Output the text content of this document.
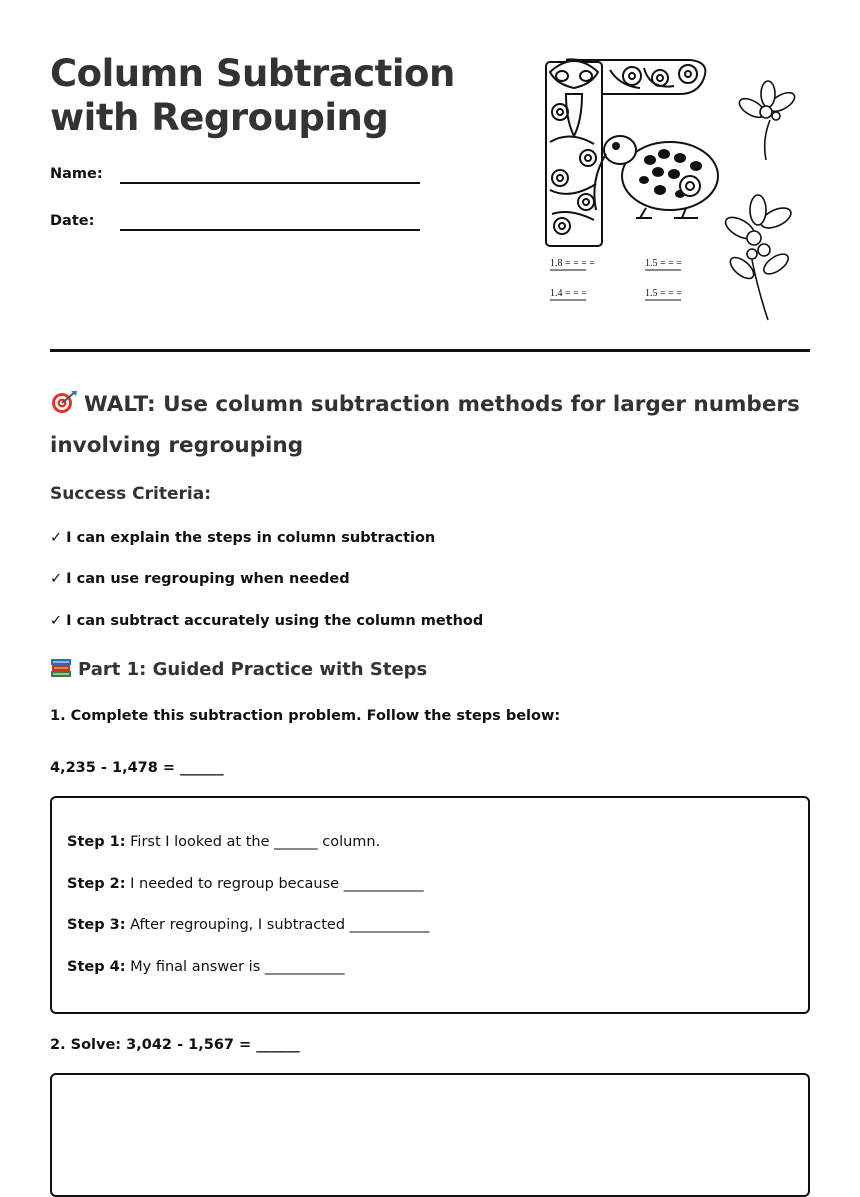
Column Subtraction
with Regrouping
Name:
Date:
1.8 = = = =	1.5 = = =
1.4 = = =	1.5 = = =
WALT: Use column subtraction methods for larger numbers
involving regrouping
Success Criteria:
✓ I can explain the steps in column subtraction
✓ I can use regrouping when needed
✓ I can subtract accurately using the column method
Part 1: Guided Practice with Steps
1. Complete this subtraction problem. Follow the steps below:
4,235 - 1,478 = ______
Step 1: First I looked at the ______ column.
Step 2: I needed to regroup because ___________
Step 3: After regrouping, I subtracted ___________
Step 4: My final answer is ___________
2. Solve: 3,042 - 1,567 = ______
